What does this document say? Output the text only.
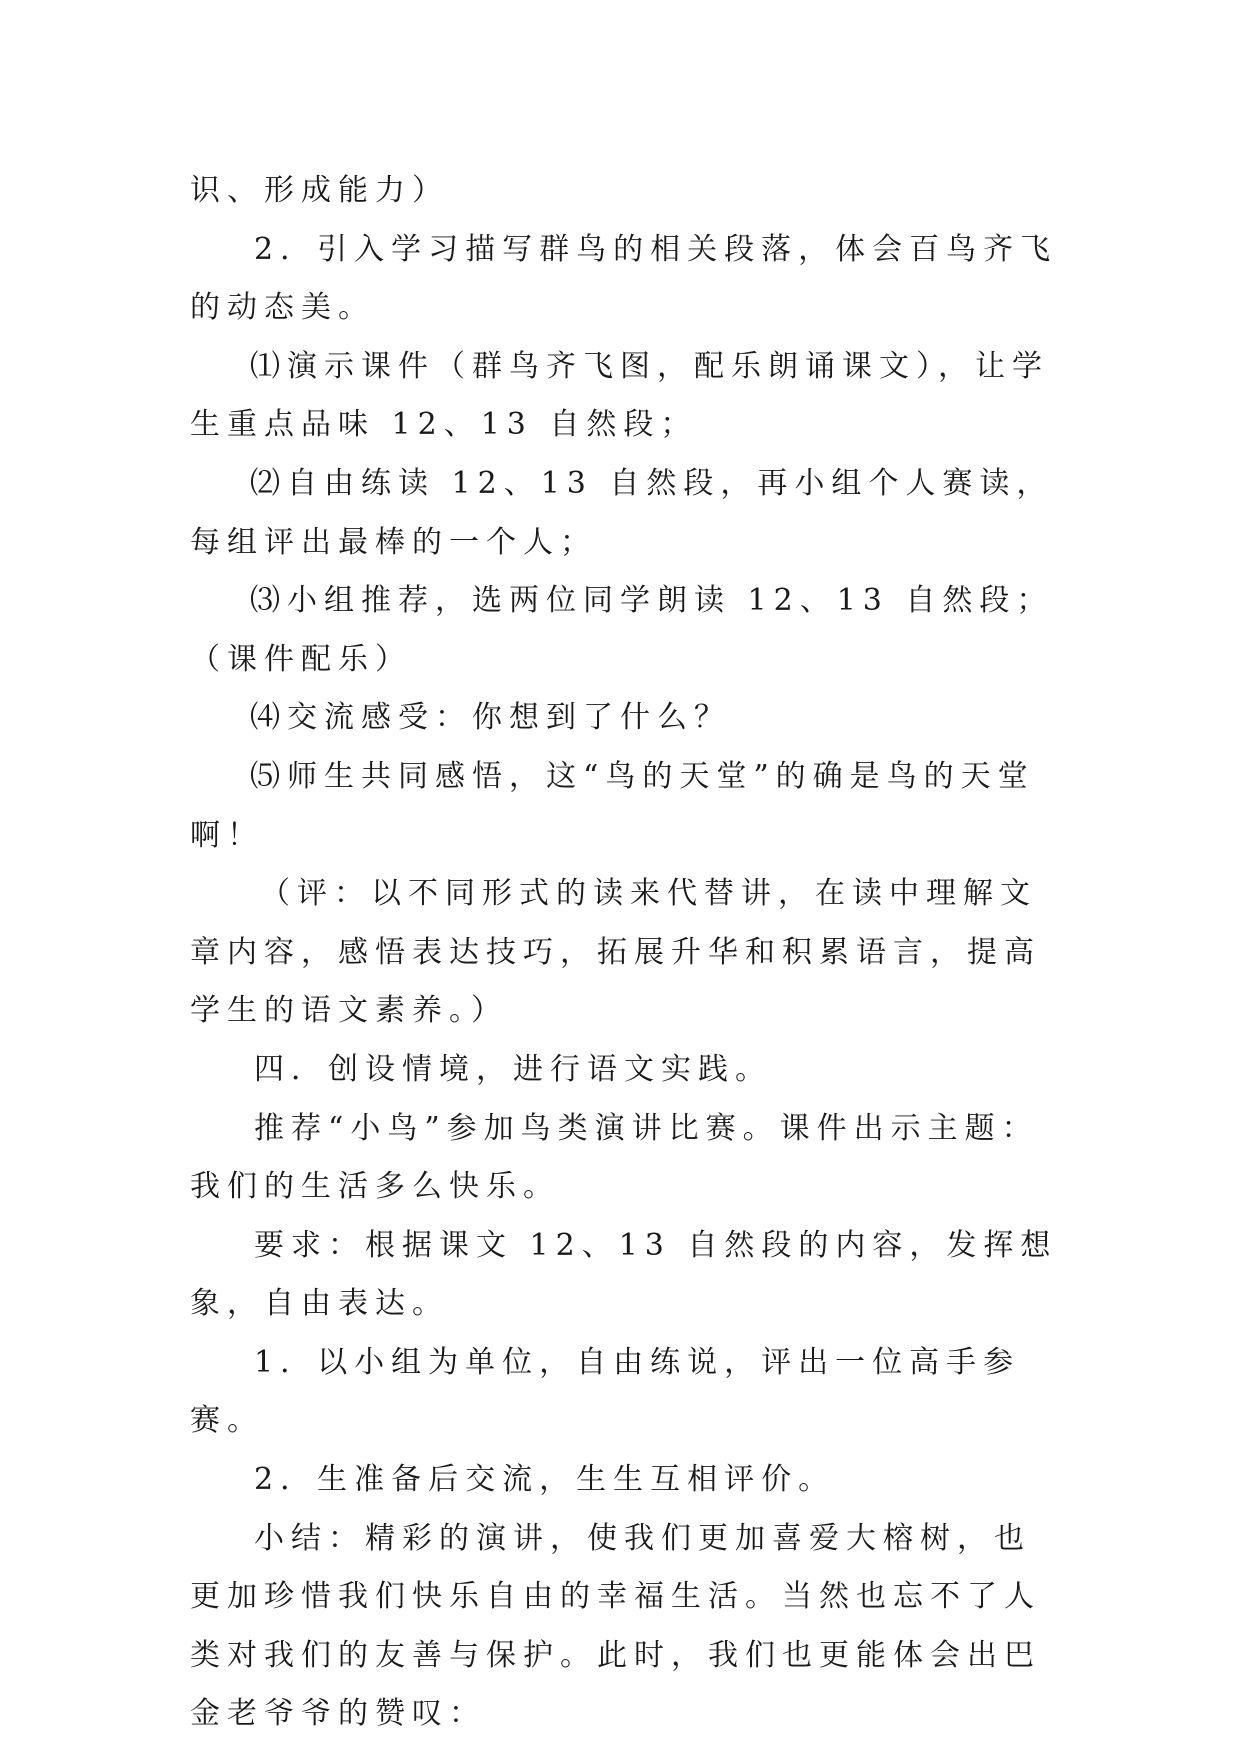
识、形成能力）

2．引入学习描写群鸟的相关段落，体会百鸟齐飞的动态美。

⑴演示课件（群鸟齐飞图，配乐朗诵课文），让学生重点品味 12、13 自然段；

⑵自由练读 12、13 自然段，再小组个人赛读，每组评出最棒的一个人；

⑶小组推荐，选两位同学朗读 12、13 自然段；（课件配乐）

⑷交流感受：你想到了什么？

⑸师生共同感悟，这“鸟的天堂”的确是鸟的天堂啊！

（评：以不同形式的读来代替讲，在读中理解文章内容，感悟表达技巧，拓展升华和积累语言，提高学生的语文素养。）

四．创设情境，进行语文实践。

推荐“小鸟”参加鸟类演讲比赛。课件出示主题：我们的生活多么快乐。

要求：根据课文 12、13 自然段的内容，发挥想象，自由表达。

1．以小组为单位，自由练说，评出一位高手参赛。

2．生准备后交流，生生互相评价。

小结：精彩的演讲，使我们更加喜爱大榕树，也更加珍惜我们快乐自由的幸福生活。当然也忘不了人类对我们的友善与保护。此时，我们也更能体会出巴金老爷爷的赞叹：
